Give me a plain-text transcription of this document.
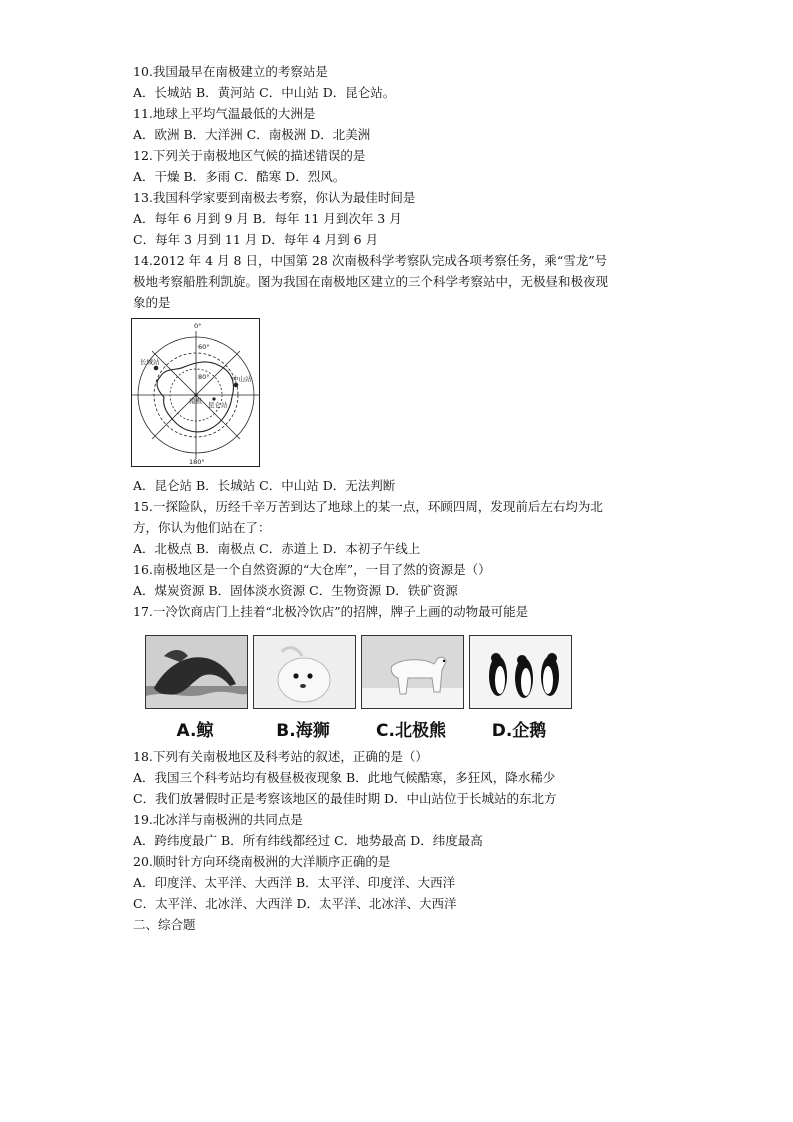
10.我国最早在南极建立的考察站是
A．长城站 B．黄河站 C．中山站 D．昆仑站。
11.地球上平均气温最低的大洲是
A．欧洲 B．大洋洲 C．南极洲 D．北美洲
12.下列关于南极地区气候的描述错误的是
A．干燥 B．多雨 C．酷寒 D．烈风。
13.我国科学家要到南极去考察，你认为最佳时间是
A．每年 6 月到 9 月 B．每年 11 月到次年 3 月
C．每年 3 月到 11 月 D．每年 4 月到 6 月
14.2012 年 4 月 8 日，中国第 28 次南极科学考察队完成各项考察任务，乘“雪龙”号
极地考察船胜利凯旋。图为我国在南极地区建立的三个科学考察站中，无极昼和极夜现
象的是
0°
180°
60°
80°
长城站
中山站
南极 昆仑站
A．昆仑站 B．长城站 C．中山站 D．无法判断
15.一探险队，历经千辛万苦到达了地球上的某一点，环顾四周，发现前后左右均为北
方，你认为他们站在了：
A．北极点 B．南极点 C．赤道上 D．本初子午线上
16.南极地区是一个自然资源的“大仓库”，一目了然的资源是（）
A．煤炭资源 B．固体淡水资源 C．生物资源 D．铁矿资源
17.一冷饮商店门上挂着“北极冷饮店”的招牌，牌子上画的动物最可能是
A.鲸	B.海狮	C.北极熊	D.企鹅
18.下列有关南极地区及科考站的叙述，正确的是（）
A．我国三个科考站均有极昼极夜现象 B．此地气候酷寒，多狂风，降水稀少
C．我们放暑假时正是考察该地区的最佳时期 D．中山站位于长城站的东北方
19.北冰洋与南极洲的共同点是
A．跨纬度最广 B．所有纬线都经过 C．地势最高 D．纬度最高
20.顺时针方向环绕南极洲的大洋顺序正确的是
A．印度洋、太平洋、大西洋 B．太平洋、印度洋、大西洋
C．太平洋、北冰洋、大西洋 D．太平洋、北冰洋、大西洋
二、综合题
